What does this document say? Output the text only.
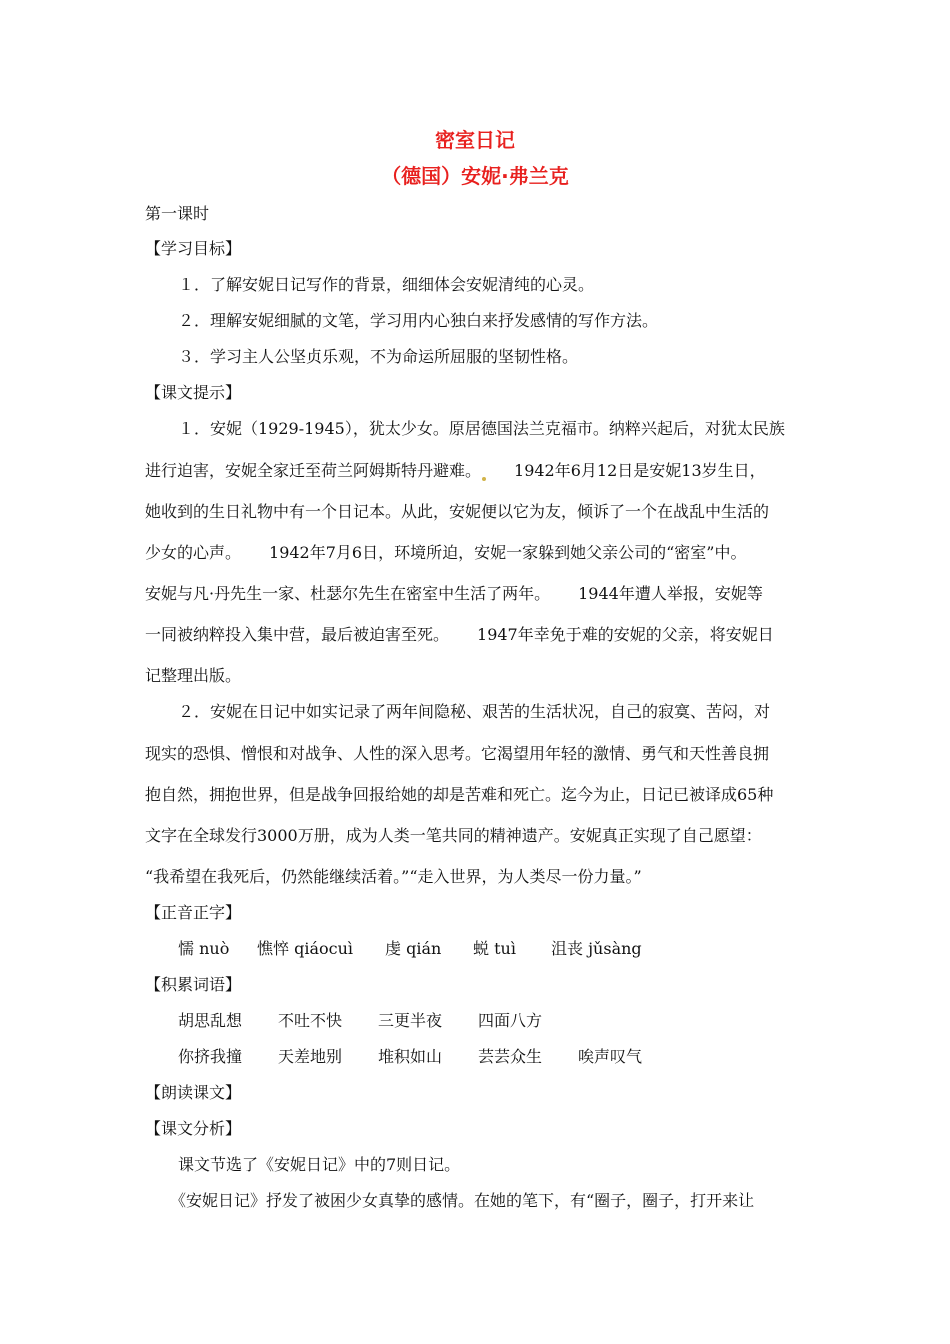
密室日记
（德国）安妮·弗兰克
第一课时
【学习目标】
１．了解安妮日记写作的背景，细细体会安妮清纯的心灵。
２．理解安妮细腻的文笔，学习用内心独白来抒发感情的写作方法。
３．学习主人公坚贞乐观，不为命运所屈服的坚韧性格。
【课文提示】
１．安妮（1929-1945），犹太少女。原居德国法兰克福市。纳粹兴起后，对犹太民族
进行迫害，安妮全家迁至荷兰阿姆斯特丹避难。 1942年6月12日是安妮13岁生日，
她收到的生日礼物中有一个日记本。从此，安妮便以它为友，倾诉了一个在战乱中生活的
少女的心声。 1942年7月6日，环境所迫，安妮一家躲到她父亲公司的“密室”中。
安妮与凡·丹先生一家、杜瑟尔先生在密室中生活了两年。 1944年遭人举报，安妮等
一同被纳粹投入集中营，最后被迫害至死。 1947年幸免于难的安妮的父亲，将安妮日
记整理出版。
２．安妮在日记中如实记录了两年间隐秘、艰苦的生活状况，自己的寂寞、苦闷，对
现实的恐惧、憎恨和对战争、人性的深入思考。它渴望用年轻的激情、勇气和天性善良拥
抱自然，拥抱世界，但是战争回报给她的却是苦难和死亡。迄今为止，日记已被译成65种
文字在全球发行3000万册，成为人类一笔共同的精神遗产。安妮真正实现了自己愿望：
“我希望在我死后，仍然能继续活着。”“走入世界，为人类尽一份力量。”
【正音正字】
懦 nuò 憔悴 qiáocuì 虔 qián 蜕 tuì 沮丧 jǔsàng
【积累词语】
胡思乱想 不吐不快 三更半夜 四面八方
你挤我撞 天差地别 堆积如山 芸芸众生 唉声叹气
【朗读课文】
【课文分析】
课文节选了《安妮日记》中的7则日记。
《安妮日记》抒发了被困少女真挚的感情。在她的笔下，有“圈子，圈子，打开来让
